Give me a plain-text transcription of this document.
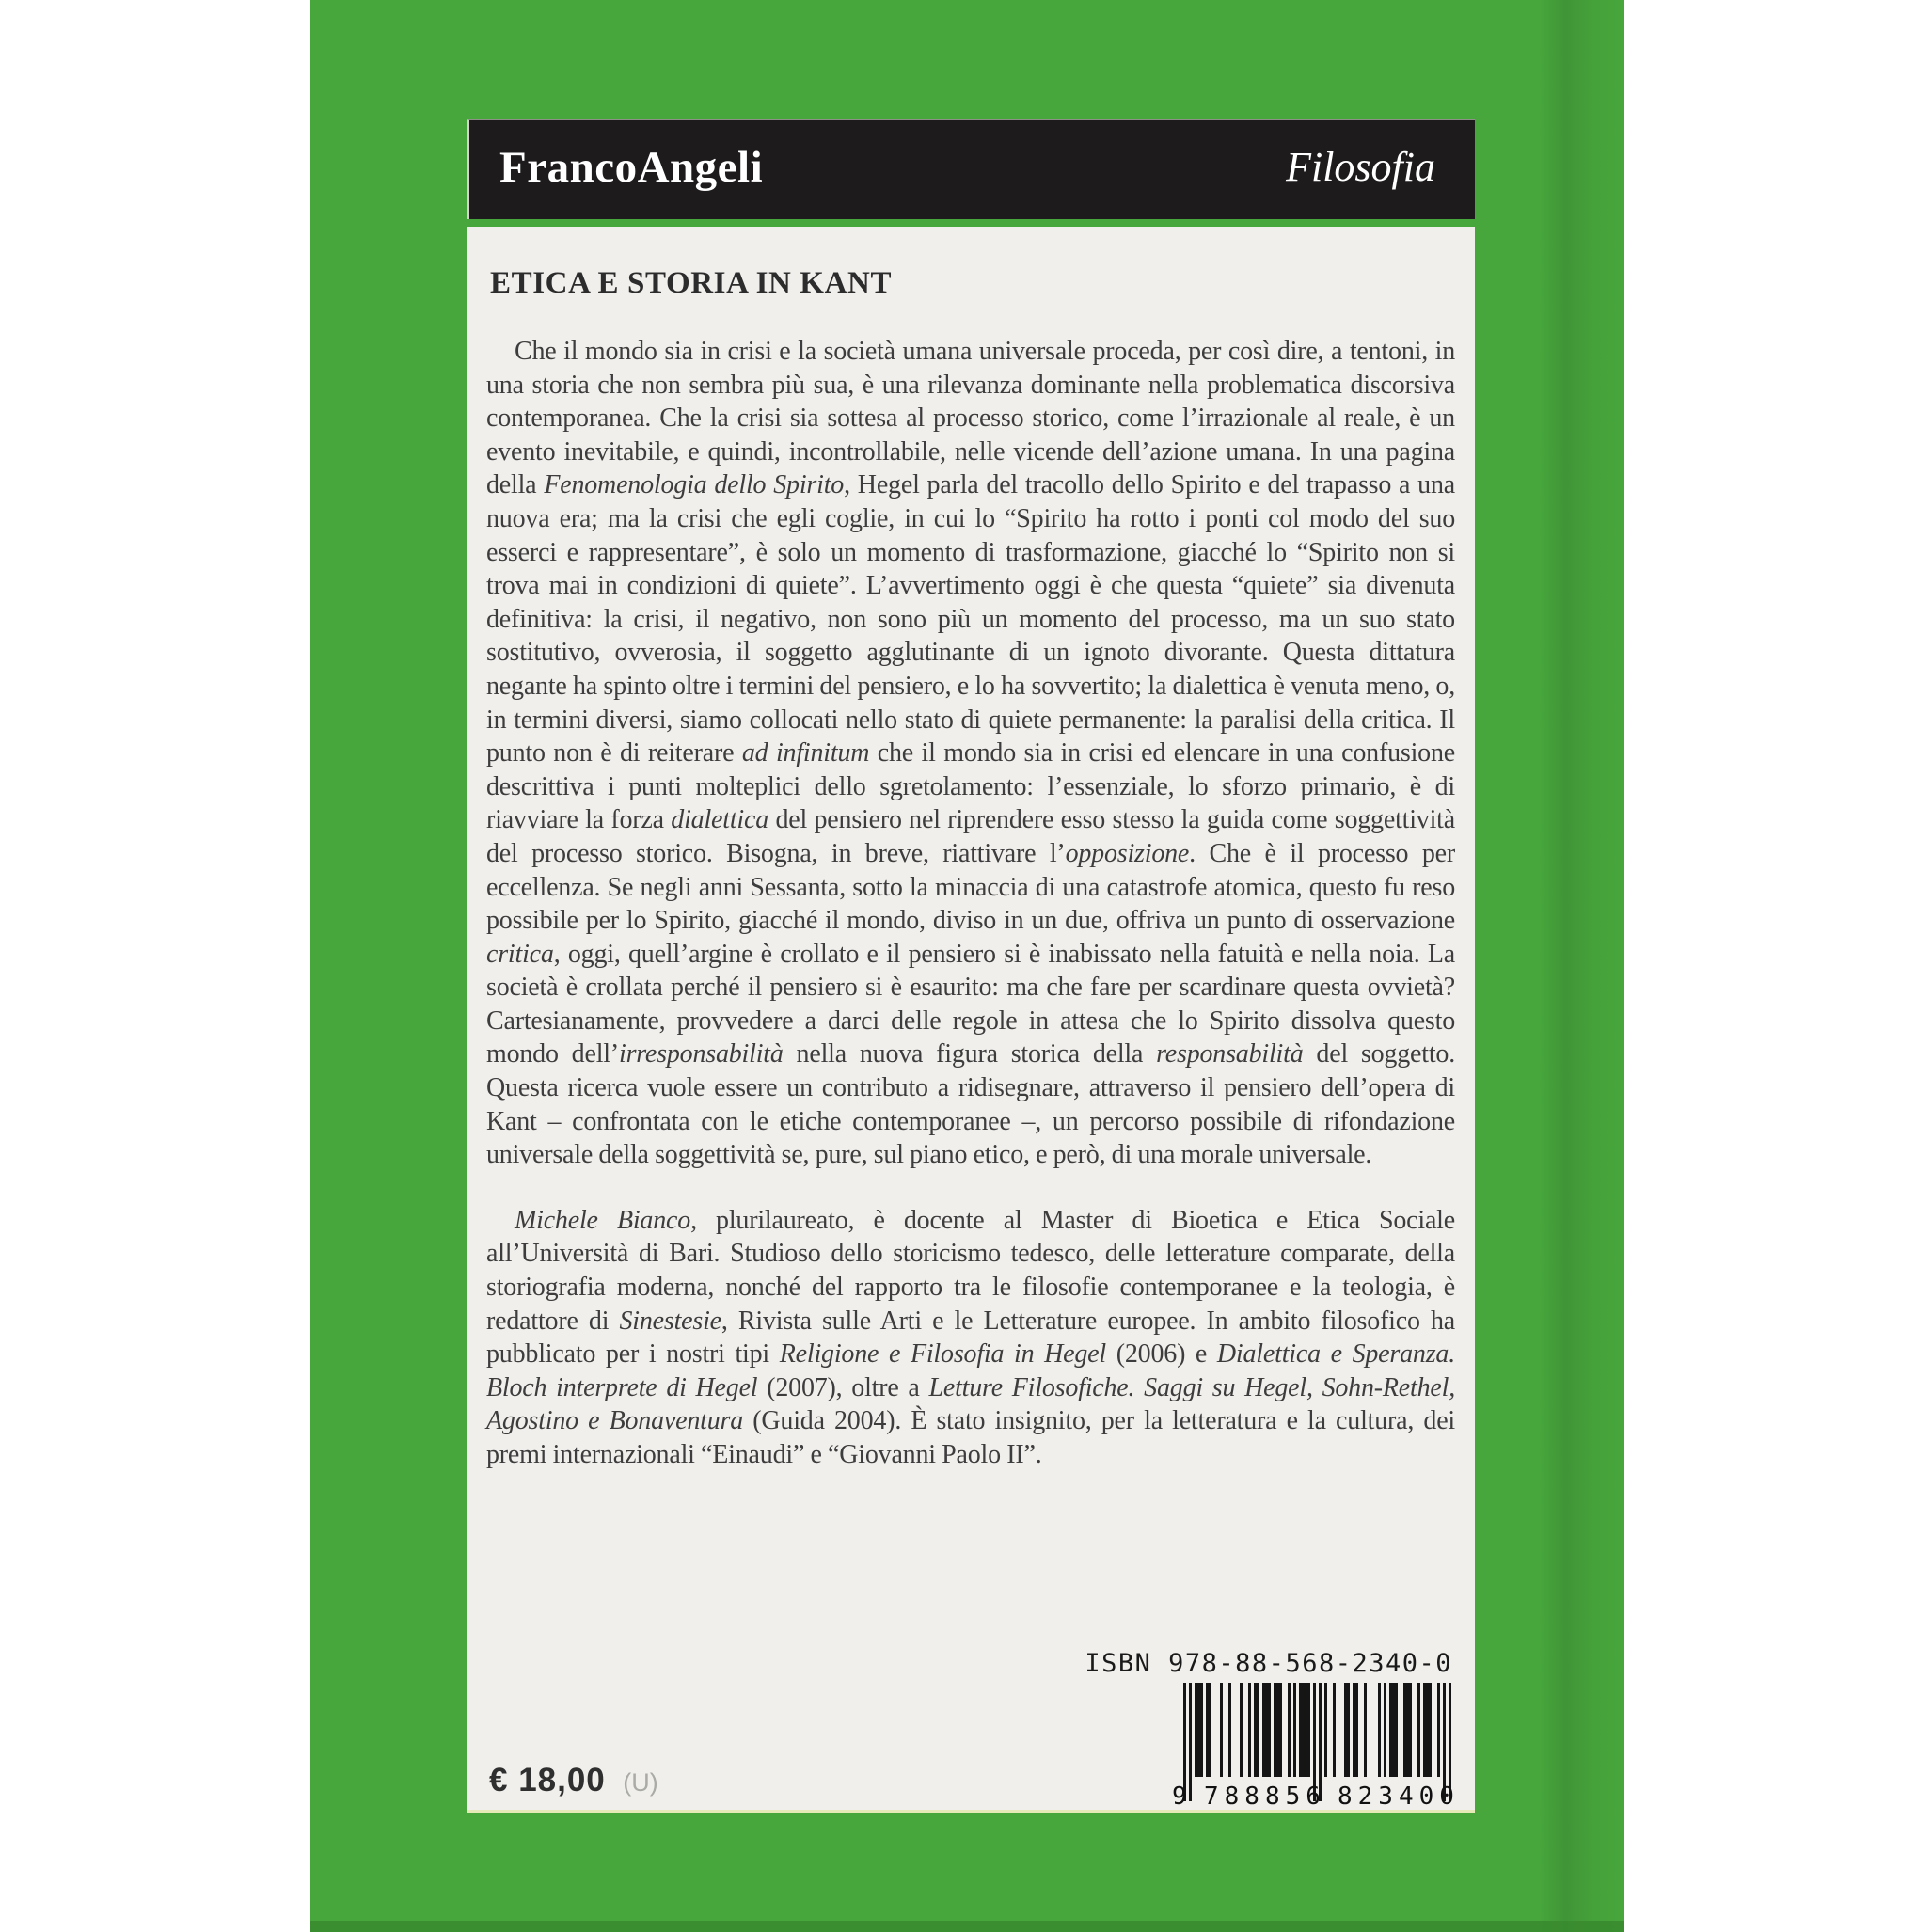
FrancoAngeli	Filosofia
ETICA E STORIA IN KANT

Che il mondo sia in crisi e la società umana universale proceda, per così dire, a tentoni, in una storia che non sembra più sua, è una rilevanza dominante nella problematica discorsiva contemporanea. Che la crisi sia sottesa al processo storico, come l’irrazionale al reale, è un evento inevitabile, e quindi, incontrollabile, nelle vicende dell’azione umana. In una pagina della Fenomenologia dello Spirito, Hegel parla del tracollo dello Spirito e del trapasso a una nuova era; ma la crisi che egli coglie, in cui lo “Spirito ha rotto i ponti col modo del suo esserci e rappresentare”, è solo un momento di trasformazione, giacché lo “Spirito non si trova mai in condizioni di quiete”. L’avvertimento oggi è che questa “quiete” sia divenuta definitiva: la crisi, il negativo, non sono più un momento del processo, ma un suo stato sostitutivo, ovverosia, il soggetto agglutinante di un ignoto divorante. Questa dittatura negante ha spinto oltre i termini del pensiero, e lo ha sovvertito; la dialettica è venuta meno, o, in termini diversi, siamo collocati nello stato di quiete permanente: la paralisi della critica. Il punto non è di reiterare ad infinitum che il mondo sia in crisi ed elencare in una confusione descrittiva i punti molteplici dello sgretolamento: l’essenziale, lo sforzo primario, è di riavviare la forza dialettica del pensiero nel riprendere esso stesso la guida come soggettività del processo storico. Bisogna, in breve, riattivare l’opposizione. Che è il processo per eccellenza. Se negli anni Sessanta, sotto la minaccia di una catastrofe atomica, questo fu reso possibile per lo Spirito, giacché il mondo, diviso in un due, offriva un punto di osservazione critica, oggi, quell’argine è crollato e il pensiero si è inabissato nella fatuità e nella noia. La società è crollata perché il pensiero si è esaurito: ma che fare per scardinare questa ovvietà? Cartesianamente, provvedere a darci delle regole in attesa che lo Spirito dissolva questo mondo dell’irresponsabilità nella nuova figura storica della responsabilità del soggetto. Questa ricerca vuole essere un contributo a ridisegnare, attraverso il pensiero dell’opera di Kant – confrontata con le etiche contemporanee –, un percorso possibile di rifondazione universale della soggettività se, pure, sul piano etico, e però, di una morale universale.

Michele Bianco, plurilaureato, è docente al Master di Bioetica e Etica Sociale all’Università di Bari. Studioso dello storicismo tedesco, delle letterature comparate, della storiografia moderna, nonché del rapporto tra le filosofie contemporanee e la teologia, è redattore di Sinestesie, Rivista sulle Arti e le Letterature europee. In ambito filosofico ha pubblicato per i nostri tipi Religione e Filosofia in Hegel (2006) e Dialettica e Speranza. Bloch interprete di Hegel (2007), oltre a Letture Filosofiche. Saggi su Hegel, Sohn-Rethel, Agostino e Bonaventura (Guida 2004). È stato insignito, per la letteratura e la cultura, dei premi internazionali “Einaudi” e “Giovanni Paolo II”.

ISBN 978-88-568-2340-0
9 788856 823400
€ 18,00 (U)
